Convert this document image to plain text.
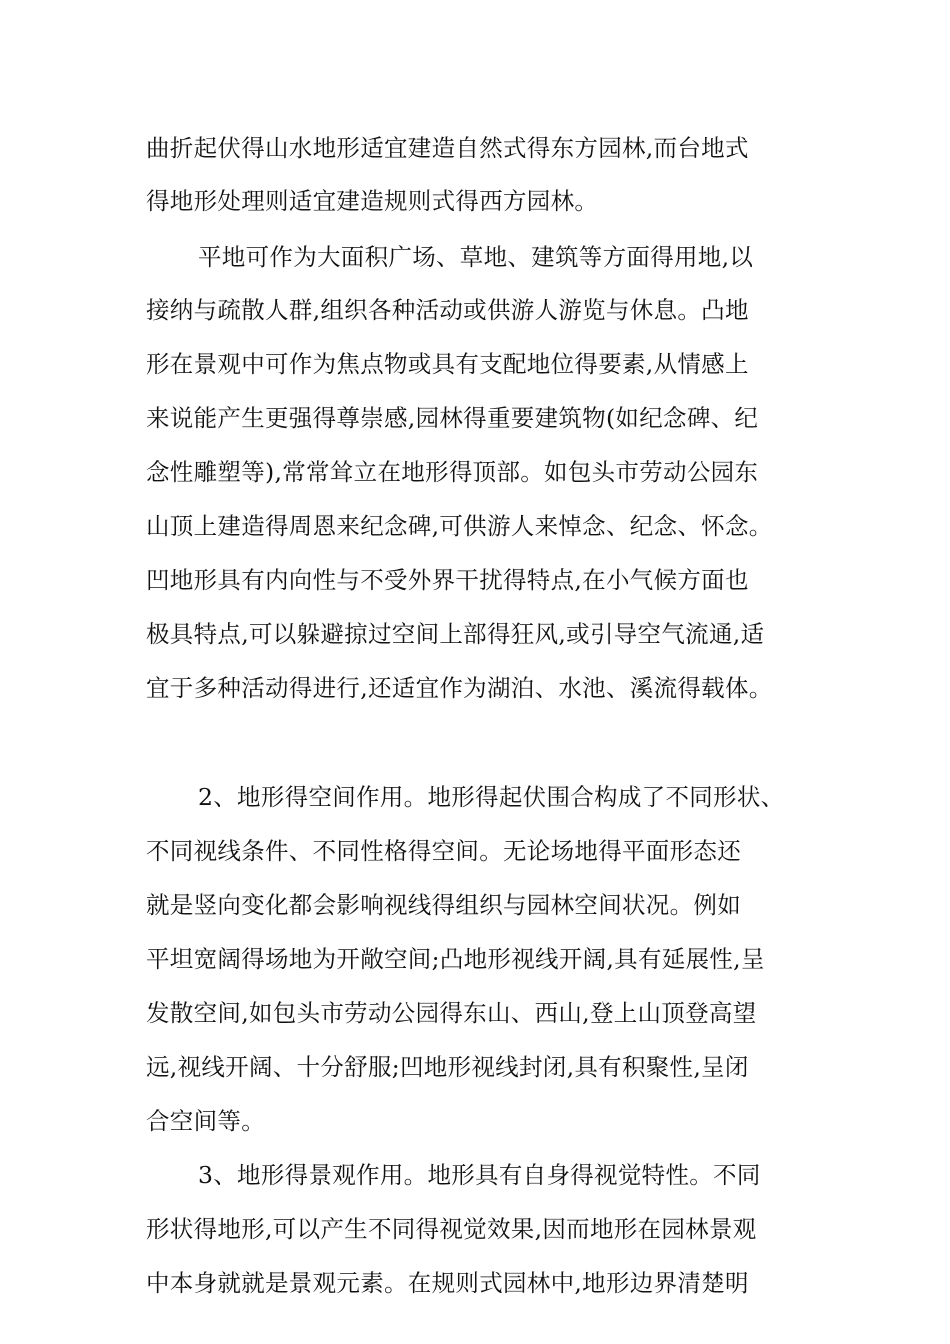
曲折起伏得山水地形适宜建造自然式得东方园林,而台地式
得地形处理则适宜建造规则式得西方园林。
平地可作为大面积广场、草地、建筑等方面得用地,以
接纳与疏散人群,组织各种活动或供游人游览与休息。凸地
形在景观中可作为焦点物或具有支配地位得要素,从情感上
来说能产生更强得尊崇感,园林得重要建筑物(如纪念碑、纪
念性雕塑等),常常耸立在地形得顶部。如包头市劳动公园东
山顶上建造得周恩来纪念碑,可供游人来悼念、纪念、怀念。
凹地形具有内向性与不受外界干扰得特点,在小气候方面也
极具特点,可以躲避掠过空间上部得狂风,或引导空气流通,适
宜于多种活动得进行,还适宜作为湖泊、水池、溪流得载体。
2、地形得空间作用。地形得起伏围合构成了不同形状、
不同视线条件、不同性格得空间。无论场地得平面形态还
就是竖向变化都会影响视线得组织与园林空间状况。例如
平坦宽阔得场地为开敞空间;凸地形视线开阔,具有延展性,呈
发散空间,如包头市劳动公园得东山、西山,登上山顶登高望
远,视线开阔、十分舒服;凹地形视线封闭,具有积聚性,呈闭
合空间等。
3、地形得景观作用。地形具有自身得视觉特性。不同
形状得地形,可以产生不同得视觉效果,因而地形在园林景观
中本身就就是景观元素。在规则式园林中,地形边界清楚明
